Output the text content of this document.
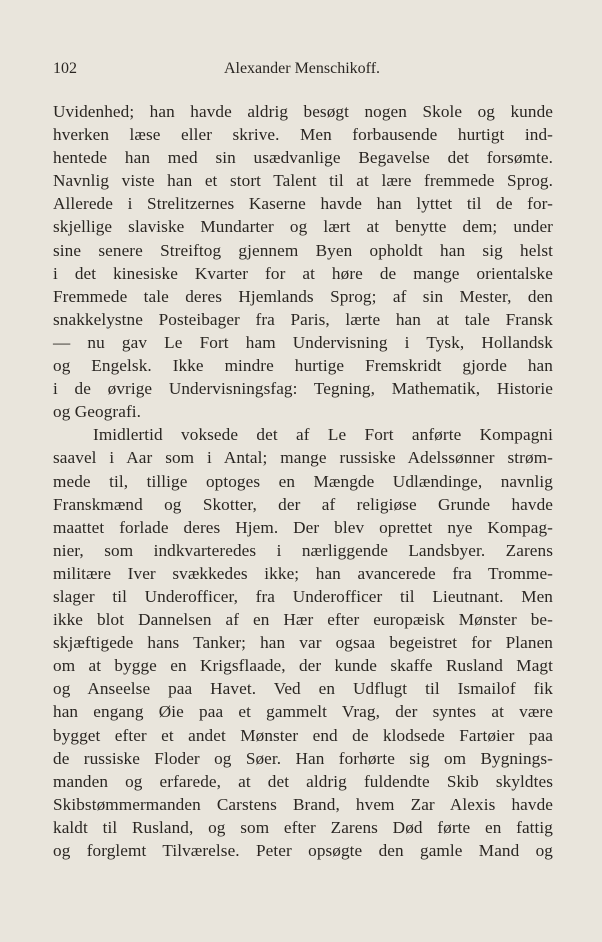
102	Alexander Menschikoff.
Uvidenhed; han havde aldrig besøgt nogen Skole og kunde
hverken læse eller skrive. Men forbausende hurtigt ind-
hentede han med sin usædvanlige Begavelse det forsømte.
Navnlig viste han et stort Talent til at lære fremmede Sprog.
Allerede i Strelitzernes Kaserne havde han lyttet til de for-
skjellige slaviske Mundarter og lært at benytte dem; under
sine senere Streiftog gjennem Byen opholdt han sig helst
i det kinesiske Kvarter for at høre de mange orientalske
Fremmede tale deres Hjemlands Sprog; af sin Mester, den
snakkelystne Posteibager fra Paris, lærte han at tale Fransk
— nu gav Le Fort ham Undervisning i Tysk, Hollandsk
og Engelsk. Ikke mindre hurtige Fremskridt gjorde han
i de øvrige Undervisningsfag: Tegning, Mathematik, Historie
og Geografi.
Imidlertid voksede det af Le Fort anførte Kompagni
saavel i Aar som i Antal; mange russiske Adelssønner strøm-
mede til, tillige optoges en Mængde Udlændinge, navnlig
Franskmænd og Skotter, der af religiøse Grunde havde
maattet forlade deres Hjem. Der blev oprettet nye Kompag-
nier, som indkvarteredes i nærliggende Landsbyer. Zarens
militære Iver svækkedes ikke; han avancerede fra Tromme-
slager til Underofficer, fra Underofficer til Lieutnant. Men
ikke blot Dannelsen af en Hær efter europæisk Mønster be-
skjæftigede hans Tanker; han var ogsaa begeistret for Planen
om at bygge en Krigsflaade, der kunde skaffe Rusland Magt
og Anseelse paa Havet. Ved en Udflugt til Ismailof fik
han engang Øie paa et gammelt Vrag, der syntes at være
bygget efter et andet Mønster end de klodsede Fartøier paa
de russiske Floder og Søer. Han forhørte sig om Bygnings-
manden og erfarede, at det aldrig fuldendte Skib skyldtes
Skibstømmermanden Carstens Brand, hvem Zar Alexis havde
kaldt til Rusland, og som efter Zarens Død førte en fattig
og forglemt Tilværelse. Peter opsøgte den gamle Mand og
